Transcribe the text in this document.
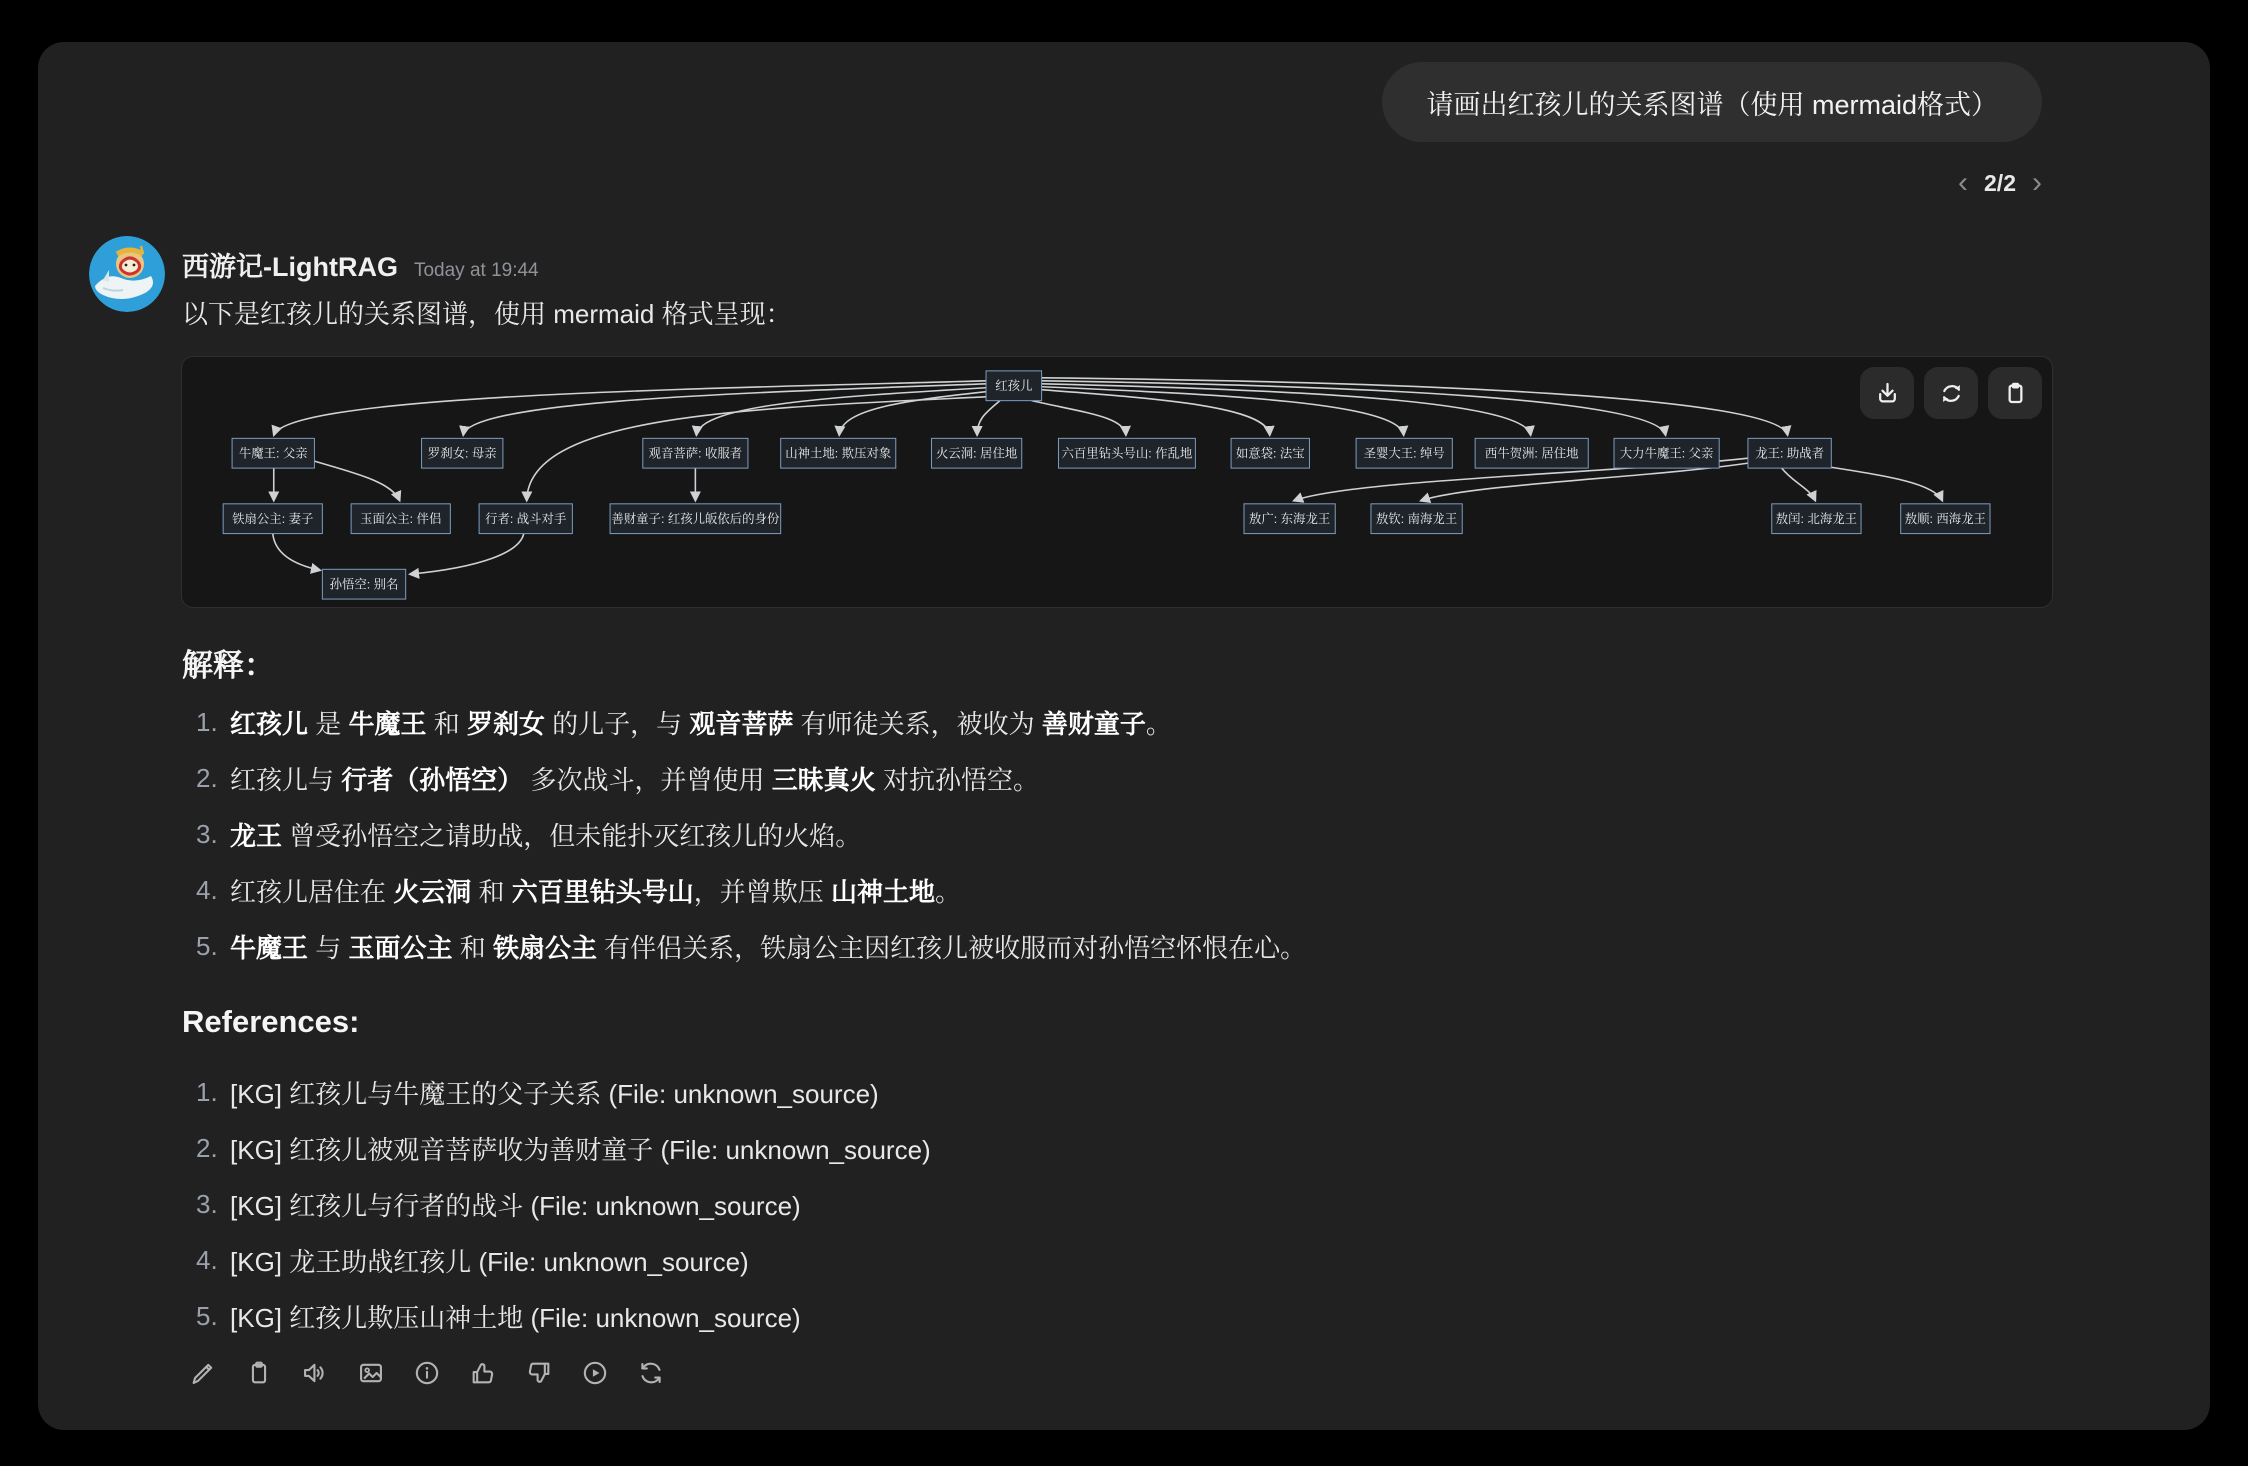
请画出红孩儿的关系图谱（使用 mermaid格式）
‹ 2/2 ›
西游记-LightRAG Today at 19:44
以下是红孩儿的关系图谱，使用 mermaid 格式呈现：
红孩儿
牛魔王: 父亲	罗刹女: 母亲	观音菩萨: 收服者	山神土地: 欺压对象	火云洞: 居住地	六百里钻头号山: 作乱地	如意袋: 法宝	圣婴大王: 绰号	西牛贺洲: 居住地	大力牛魔王: 父亲	龙王: 助战者
铁扇公主: 妻子	玉面公主: 伴侣	行者: 战斗对手	善财童子: 红孩儿皈依后的身份	敖广: 东海龙王	敖钦: 南海龙王	敖闰: 北海龙王	敖顺: 西海龙王
孙悟空: 别名
解释：
1. 红孩儿 是 牛魔王 和 罗刹女 的儿子，与 观音菩萨 有师徒关系，被收为 善财童子。
2. 红孩儿与 行者（孙悟空） 多次战斗，并曾使用 三昧真火 对抗孙悟空。
3. 龙王 曾受孙悟空之请助战，但未能扑灭红孩儿的火焰。
4. 红孩儿居住在 火云洞 和 六百里钻头号山，并曾欺压 山神土地。
5. 牛魔王 与 玉面公主 和 铁扇公主 有伴侣关系，铁扇公主因红孩儿被收服而对孙悟空怀恨在心。
References:
1. [KG] 红孩儿与牛魔王的父子关系 (File: unknown_source)
2. [KG] 红孩儿被观音菩萨收为善财童子 (File: unknown_source)
3. [KG] 红孩儿与行者的战斗 (File: unknown_source)
4. [KG] 龙王助战红孩儿 (File: unknown_source)
5. [KG] 红孩儿欺压山神土地 (File: unknown_source)
